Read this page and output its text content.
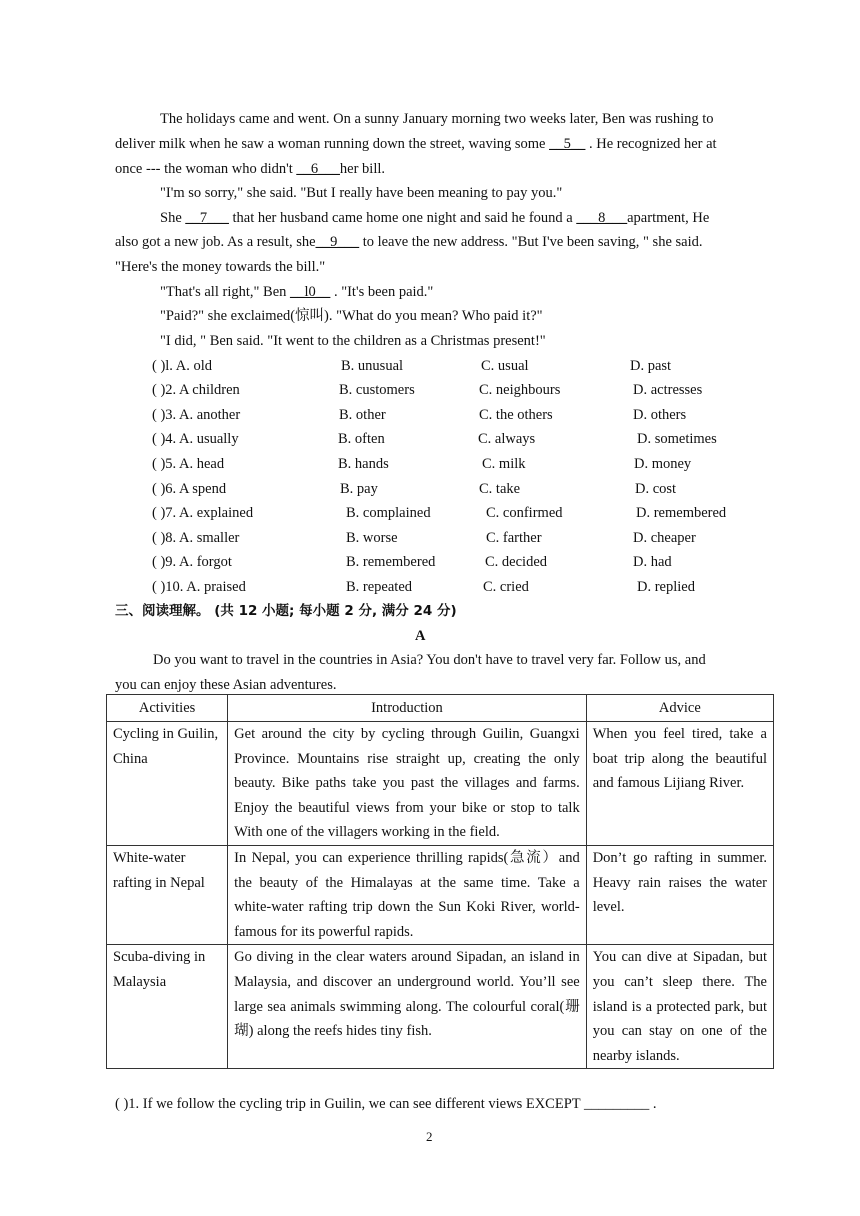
The holidays came and went. On a sunny January morning two weeks later, Ben was rushing to
deliver milk when he saw a woman running down the street, waving some __5__ . He recognized her at
once --- the woman who didn't __6___her bill.
"I'm so sorry," she said. "But I really have been meaning to pay you."
She __7___ that her husband came home one night and said he found a ___8___apartment, He
also got a new job. As a result, she__9___ to leave the new address. "But I've been saving, " she said.
"Here's the money towards the bill."
"That's all right," Ben __l0__ . "It's been paid."
"Paid?" she exclaimed(惊叫). "What do you mean? Who paid it?"
"I did, " Ben said. "It went to the children as a Christmas present!"
( )l. A. old	B. unusual	C. usual	D. past
( )2. A children	B. customers	C. neighbours	D. actresses
( )3. A. another	B. other	C. the others	D. others
( )4. A. usually	B. often	C. always	D. sometimes
( )5. A. head	B. hands	C. milk	D. money
( )6. A spend	B. pay	C. take	D. cost
( )7. A. explained	B. complained	C. confirmed	D. remembered
( )8. A. smaller	B. worse	C. farther	D. cheaper
( )9. A. forgot	B. remembered	C. decided	D. had
( )10. A. praised	B. repeated	C. cried	D. replied
三、阅读理解。 (共 12 小题; 每小题 2 分, 满分 24 分)
A
Do you want to travel in the countries in Asia? You don't have to travel very far. Follow us, and
you can enjoy these Asian adventures.
Activities	Introduction	Advice
Cycling in Guilin, China	Get around the city by cycling through Guilin, Guangxi Province. Mountains rise straight up, creating the only beauty. Bike paths take you past the villages and farms. Enjoy the beautiful views from your bike or stop to talk With one of the villagers working in the field.	When you feel tired, take a boat trip along the beautiful and famous Lijiang River.
White-water rafting in Nepal	In Nepal, you can experience thrilling rapids(急流）and the beauty of the Himalayas at the same time. Take a white-water rafting trip down the Sun Koki River, world-famous for its powerful rapids.	Don’t go rafting in summer. Heavy rain raises the water level.
Scuba-diving in Malaysia	Go diving in the clear waters around Sipadan, an island in Malaysia, and discover an underground world. You’ll see large sea animals swimming along. The colourful coral(珊瑚) along the reefs hides tiny fish.	You can dive at Sipadan, but you can’t sleep there. The island is a protected park, but you can stay on one of the nearby islands.
( )1. If we follow the cycling trip in Guilin, we can see different views EXCEPT _________ .
2
